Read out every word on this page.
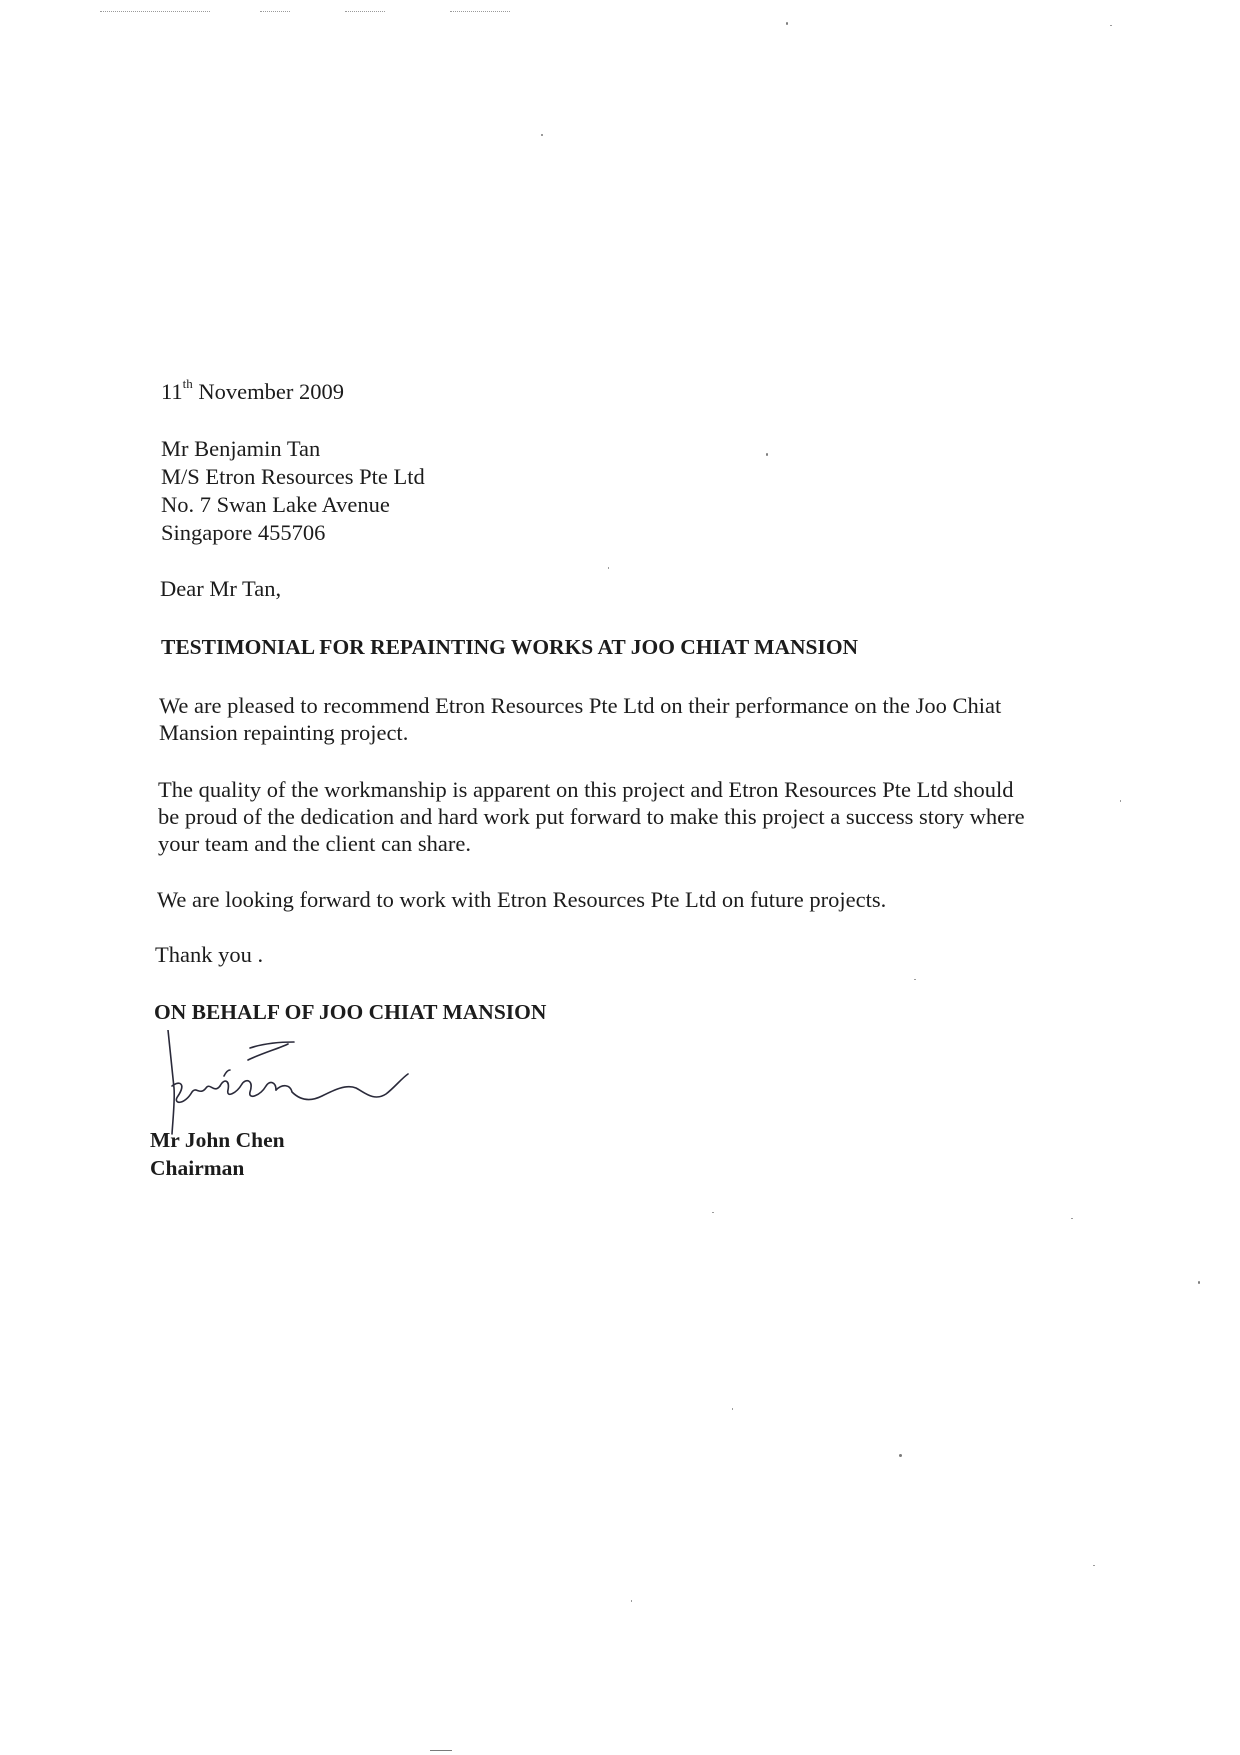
11th November 2009
Mr Benjamin Tan
M/S Etron Resources Pte Ltd
No. 7 Swan Lake Avenue
Singapore 455706
Dear Mr Tan,
TESTIMONIAL FOR REPAINTING WORKS AT JOO CHIAT MANSION
We are pleased to recommend Etron Resources Pte Ltd on their performance on the Joo Chiat
Mansion repainting project.
The quality of the workmanship is apparent on this project and Etron Resources Pte Ltd should
be proud of the dedication and hard work put forward to make this project a success story where
your team and the client can share.
We are looking forward to work with Etron Resources Pte Ltd on future projects.
Thank you .
ON BEHALF OF JOO CHIAT MANSION
Mr John Chen
Chairman
